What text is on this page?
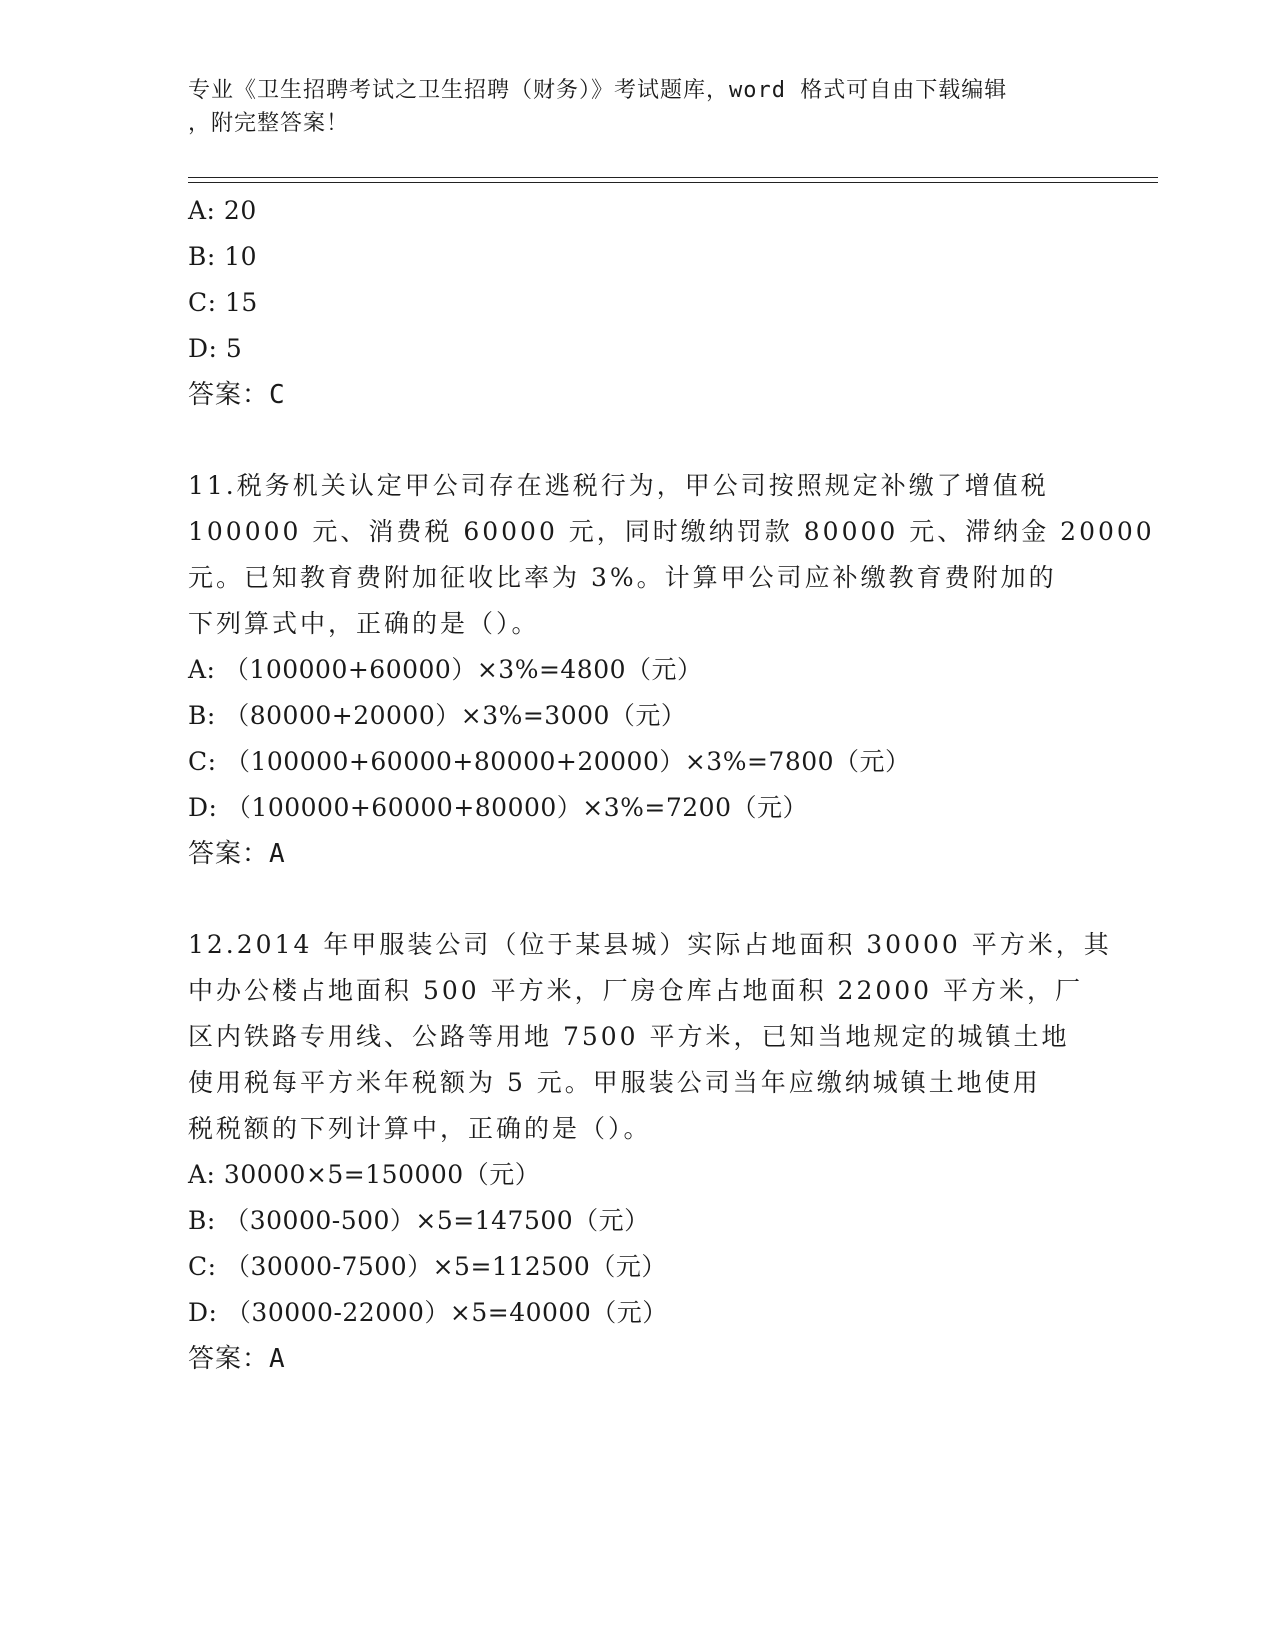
专业《卫生招聘考试之卫生招聘（财务）》考试题库，word 格式可自由下载编辑
，附完整答案！
A: 20
B: 10
C: 15
D: 5
答案：C
11.税务机关认定甲公司存在逃税行为，甲公司按照规定补缴了增值税
100000 元、消费税 60000 元，同时缴纳罚款 80000 元、滞纳金 20000
元。已知教育费附加征收比率为 3%。计算甲公司应补缴教育费附加的
下列算式中，正确的是（）。
A: （100000+60000）×3%=4800（元）
B: （80000+20000）×3%=3000（元）
C: （100000+60000+80000+20000）×3%=7800（元）
D: （100000+60000+80000）×3%=7200（元）
答案：A
12.2014 年甲服装公司（位于某县城）实际占地面积 30000 平方米，其
中办公楼占地面积 500 平方米，厂房仓库占地面积 22000 平方米，厂
区内铁路专用线、公路等用地 7500 平方米，已知当地规定的城镇土地
使用税每平方米年税额为 5 元。甲服装公司当年应缴纳城镇土地使用
税税额的下列计算中，正确的是（）。
A: 30000×5=150000（元）
B: （30000-500）×5=147500（元）
C: （30000-7500）×5=112500（元）
D: （30000-22000）×5=40000（元）
答案：A
